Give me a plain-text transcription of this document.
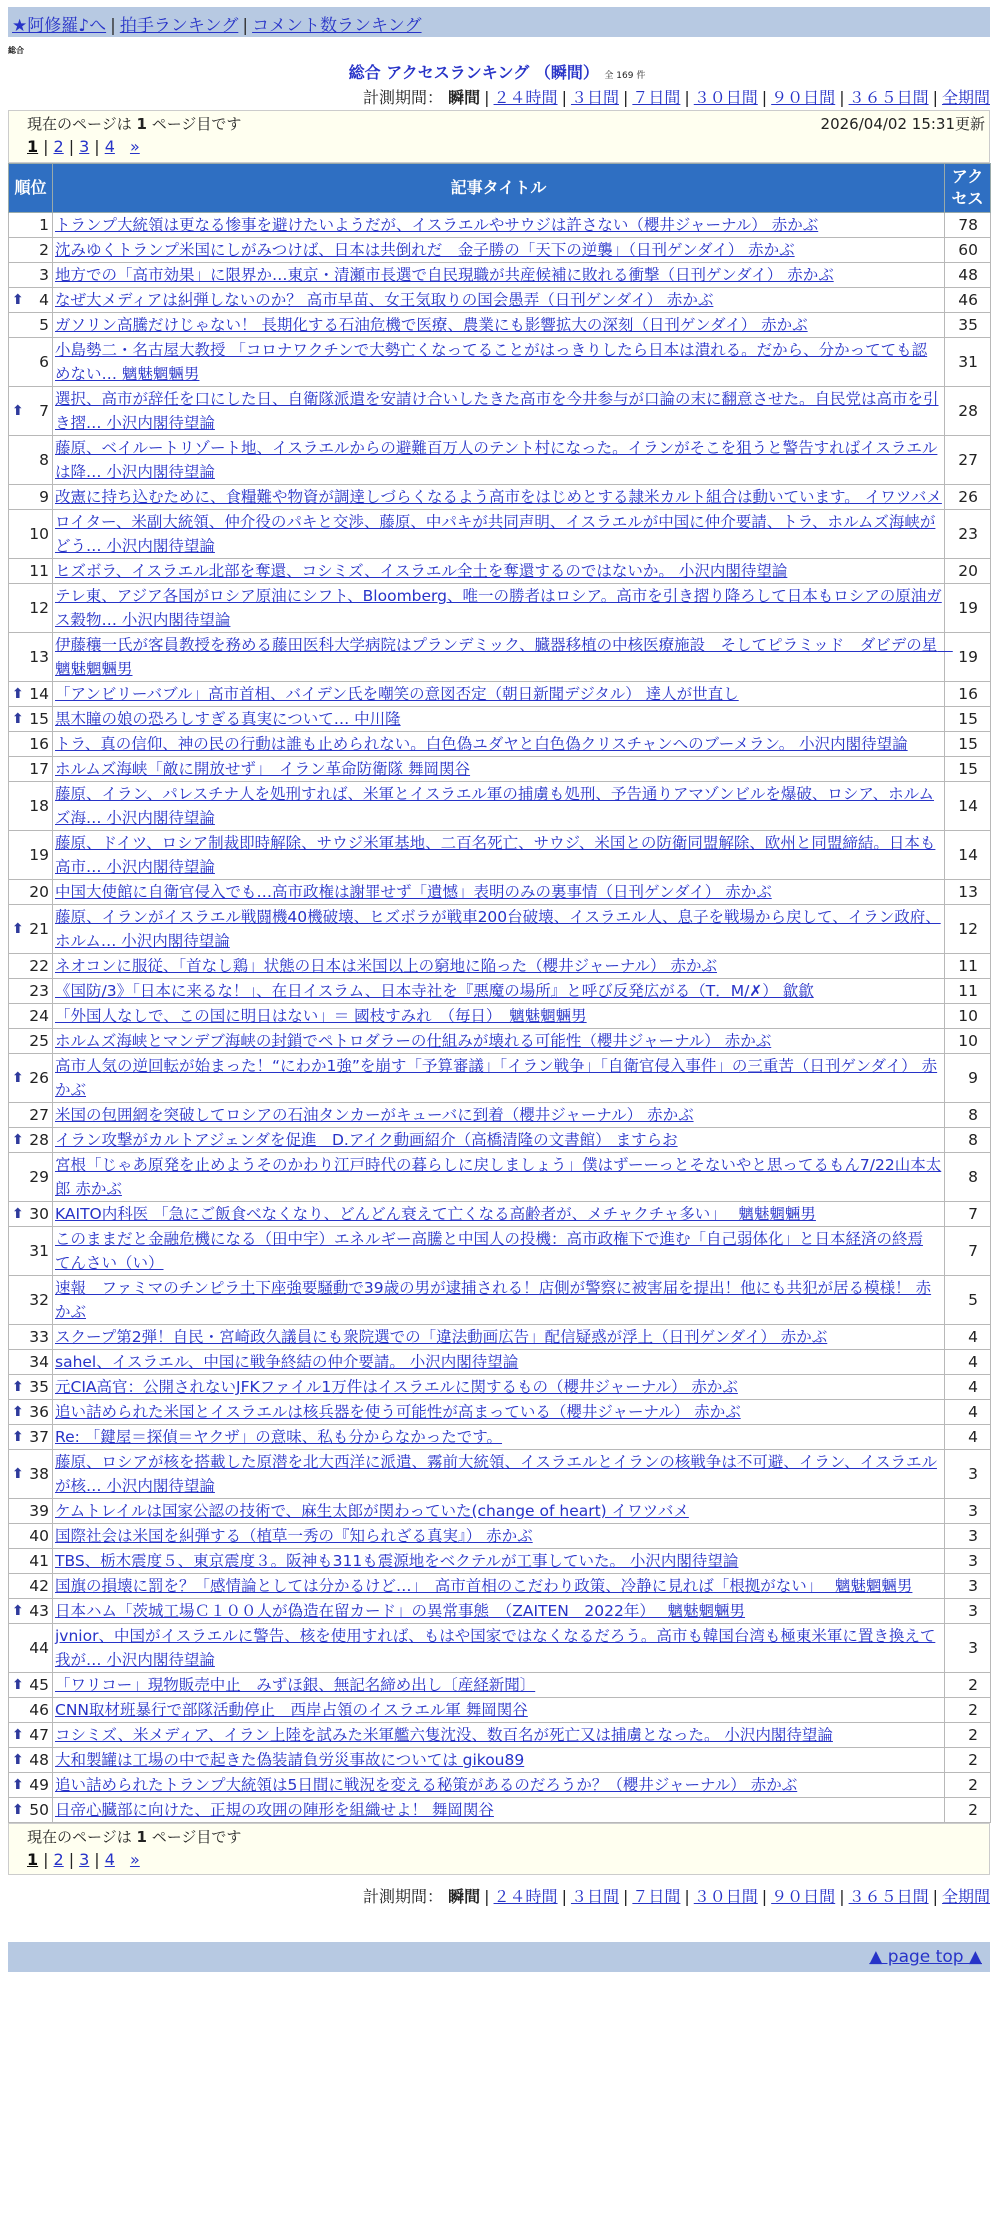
★阿修羅♪へ | 拍手ランキング | コメント数ランキング
総合
総合 アクセスランキング （瞬間） 全 169 件
計測期間： 瞬間 | ２４時間 | ３日間 | ７日間 | ３０日間 | ９０日間 | ３６５日間 | 全期間
現在のページは 1 ページ目です	2026/04/02 15:31更新
1 | 2 | 3 | 4 »
順位	記事タイトル	アクセス
1	トランプ大統領は更なる惨事を避けたいようだが、イスラエルやサウジは許さない（櫻井ジャーナル） 赤かぶ	78
2	沈みゆくトランプ米国にしがみつけば、日本は共倒れだ　金子勝の「天下の逆襲」（日刊ゲンダイ） 赤かぶ	60
3	地方での「高市効果」に限界か…東京・清瀬市長選で自民現職が共産候補に敗れる衝撃（日刊ゲンダイ） 赤かぶ	48

⬆ 4	なぜ大メディアは糾弾しないのか？ 高市早苗、女王気取りの国会愚弄（日刊ゲンダイ） 赤かぶ	46
5	ガソリン高騰だけじゃない！ 長期化する石油危機で医療、農業にも影響拡大の深刻（日刊ゲンダイ） 赤かぶ	35
6	小島勢二・名古屋大教授 「コロナワクチンで大勢亡くなってることがはっきりしたら日本は潰れる。だから、分かってても認めない… 魑魅魍魎男	31

⬆ 7	選択、高市が辞任を口にした日、自衛隊派遣を安請け合いしたきた高市を今井参与が口論の末に翻意させた。自民党は高市を引き摺… 小沢内閣待望論	28
8	藤原、ベイルートリゾート地、イスラエルからの避難百万人のテント村になった。イランがそこを狙うと警告すればイスラエルは降… 小沢内閣待望論	27
9	改憲に持ち込むために、食糧難や物資が調達しづらくなるよう高市をはじめとする隷米カルト組合は動いています。 イワツバメ	26
10	ロイター、米副大統領、仲介役のパキと交渉、藤原、中パキが共同声明、イスラエルが中国に仲介要請、トラ、ホルムズ海峡がどう… 小沢内閣待望論	23
11	ヒズボラ、イスラエル北部を奪還、コシミズ、イスラエル全土を奪還するのではないか。 小沢内閣待望論	20
12	テレ東、アジア各国がロシア原油にシフト、Bloomberg、唯一の勝者はロシア。高市を引き摺り降ろして日本もロシアの原油ガス穀物… 小沢内閣待望論	19
13	伊藤穰一氏が客員教授を務める藤田医科大学病院はプランデミック、臓器移植の中核医療施設　そしてピラミッド　ダビデの星　魑魅魍魎男	19

⬆ 14	「アンビリーバブル」高市首相、バイデン氏を嘲笑の意図否定（朝日新聞デジタル） 達人が世直し	16

⬆ 15	黒木瞳の娘の恐ろしすぎる真実について… 中川隆	15
16	トラ、真の信仰、神の民の行動は誰も止められない。白色偽ユダヤと白色偽クリスチャンへのブーメラン。 小沢内閣待望論	15
17	ホルムズ海峡「敵に開放せず」　イラン革命防衛隊 舞岡関谷	15
18	藤原、イラン、パレスチナ人を処刑すれば、米軍とイスラエル軍の捕虜も処刑、予告通りアマゾンビルを爆破、ロシア、ホルムズ海… 小沢内閣待望論	14
19	藤原、ドイツ、ロシア制裁即時解除、サウジ米軍基地、二百名死亡、サウジ、米国との防衛同盟解除、欧州と同盟締結。日本も高市… 小沢内閣待望論	14
20	中国大使館に自衛官侵入でも…高市政権は謝罪せず「遺憾」表明のみの裏事情（日刊ゲンダイ） 赤かぶ	13

⬆ 21	藤原、イランがイスラエル戦闘機40機破壊、ヒズボラが戦車200台破壊、イスラエル人、息子を戦場から戻して、イラン政府、ホルム… 小沢内閣待望論	12
22	ネオコンに服従、「首なし鶏」状態の日本は米国以上の窮地に陥った（櫻井ジャーナル） 赤かぶ	11
23	《国防/3》「日本に来るな！」、在日イスラム、日本寺社を『悪魔の場所』と呼び反発広がる（T．M/✗） 歙歙	11
24	「外国人なしで、この国に明日はない」＝ 國枝すみれ　（毎日）　魑魅魍魎男	10
25	ホルムズ海峡とマンデブ海峡の封鎖でペトロダラーの仕組みが壊れる可能性（櫻井ジャーナル） 赤かぶ	10

⬆ 26	高市人気の逆回転が始まった！“にわか1強”を崩す「予算審議」「イラン戦争」「自衛官侵入事件」の三重苦（日刊ゲンダイ） 赤かぶ	9
27	米国の包囲網を突破してロシアの石油タンカーがキューバに到着（櫻井ジャーナル） 赤かぶ	8

⬆ 28	イラン攻撃がカルトアジェンダを促進　D.アイク動画紹介（高橋清隆の文書館） ますらお	8
29	宮根「じゃあ原発を止めようそのかわり江戸時代の暮らしに戻しましょう」僕はずーーっとそないやと思ってるもん7/22山本太郎 赤かぶ	8

⬆ 30	KAITO内科医 「急にご飯食べなくなり、どんどん衰えて亡くなる高齢者が、メチャクチャ多い」　 魑魅魍魎男	7
31	このままだと金融危機になる（田中宇）エネルギー高騰と中国人の投機：高市政権下で進む「自己弱体化」と日本経済の終焉 てんさい（い）	7
32	速報　ファミマのチンピラ土下座強要騒動で39歳の男が逮捕される！店側が警察に被害届を提出！他にも共犯が居る模様！ 赤かぶ	5
33	スクープ第2弾！自民・宮崎政久議員にも衆院選での「違法動画広告」配信疑惑が浮上（日刊ゲンダイ） 赤かぶ	4
34	sahel、イスラエル、中国に戦争終結の仲介要請。 小沢内閣待望論	4

⬆ 35	元CIA高官：公開されないJFKファイル1万件はイスラエルに関するもの（櫻井ジャーナル） 赤かぶ	4

⬆ 36	追い詰められた米国とイスラエルは核兵器を使う可能性が高まっている（櫻井ジャーナル） 赤かぶ	4

⬆ 37	Re: 「鍵屋＝探偵＝ヤクザ」の意味、私も分からなかったです。	4

⬆ 38	藤原、ロシアが核を搭載した原潜を北大西洋に派遣、霧前大統領、イスラエルとイランの核戦争は不可避、イラン、イスラエルが核… 小沢内閣待望論	3
39	ケムトレイルは国家公認の技術で、麻生太郎が関わっていた(change of heart) イワツバメ	3
40	国際社会は米国を糾弾する（植草一秀の『知られざる真実』） 赤かぶ	3
41	TBS、栃木震度５、東京震度３。阪神も311も震源地をベクテルが工事していた。 小沢内閣待望論	3
42	国旗の損壊に罰を？「感情論としては分かるけど…」　高市首相のこだわり政策、冷静に見れば「根拠がない」　 魑魅魍魎男	3

⬆ 43	日本ハム「茨城工場Ｃ１００人が偽造在留カード」の異常事態　（ZAITEN　2022年）　 魑魅魍魎男	3
44	jvnior、中国がイスラエルに警告、核を使用すれば、もはや国家ではなくなるだろう。高市も韓国台湾も極東米軍に置き換えて我が… 小沢内閣待望論	3

⬆ 45	「ワリコー」現物販売中止　みずほ銀、無記名締め出し〔産経新聞〕	2
46	CNN取材班暴行で部隊活動停止　西岸占領のイスラエル軍 舞岡関谷	2

⬆ 47	コシミズ、米メディア、イラン上陸を試みた米軍艦六隻沈没、数百名が死亡又は捕虜となった。 小沢内閣待望論	2

⬆ 48	大和製罐は工場の中で起きた偽装請負労災事故については gikou89	2

⬆ 49	追い詰められたトランプ大統領は5日間に戦況を変える秘策があるのだろうか？（櫻井ジャーナル） 赤かぶ	2

⬆ 50	日帝心臓部に向けた、正規の攻囲の陣形を組織せよ！ 舞岡関谷	2
現在のページは 1 ページ目です
1 | 2 | 3 | 4 »
計測期間： 瞬間 | ２４時間 | ３日間 | ７日間 | ３０日間 | ９０日間 | ３６５日間 | 全期間
▲ page top ▲
